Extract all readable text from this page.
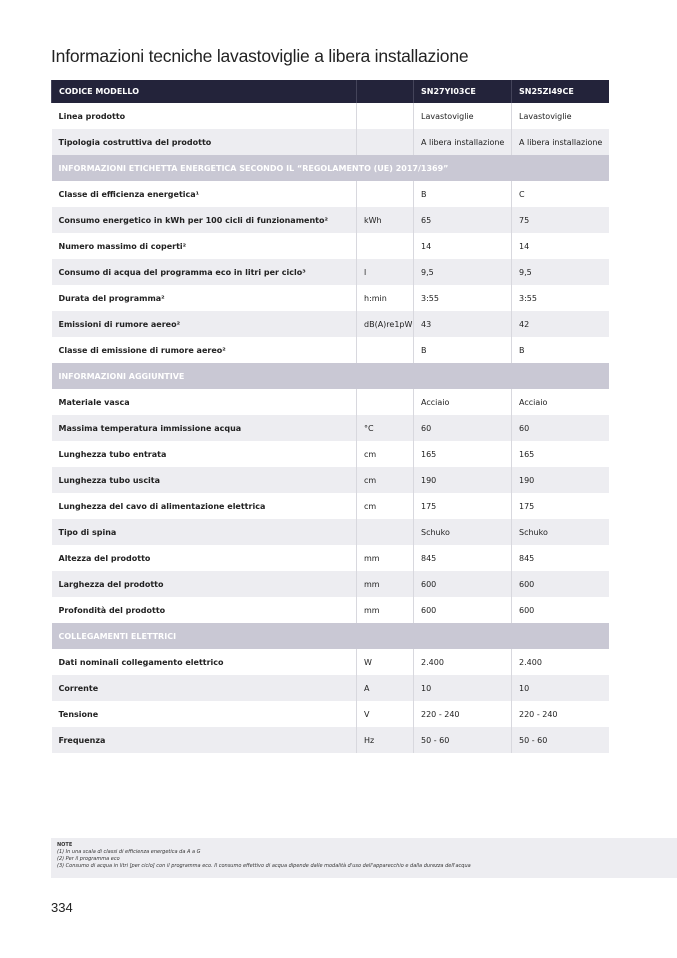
Informazioni tecniche lavastoviglie a libera installazione
CODICE MODELLO		SN27YI03CE	SN25ZI49CE
Linea prodotto		Lavastoviglie	Lavastoviglie
Tipologia costruttiva del prodotto		A libera installazione	A libera installazione
INFORMAZIONI ETICHETTA ENERGETICA SECONDO IL “REGOLAMENTO (UE) 2017/1369”			
Classe di efficienza energetica¹		B	C
Consumo energetico in kWh per 100 cicli di funzionamento²	kWh	65	75
Numero massimo di coperti²		14	14
Consumo di acqua del programma eco in litri per ciclo³	l	9,5	9,5
Durata del programma²	h:min	3:55	3:55
Emissioni di rumore aereo²	dB(A)re1pW	43	42
Classe di emissione di rumore aereo²		B	B
INFORMAZIONI AGGIUNTIVE			
Materiale vasca		Acciaio	Acciaio
Massima temperatura immissione acqua	°C	60	60
Lunghezza tubo entrata	cm	165	165
Lunghezza tubo uscita	cm	190	190
Lunghezza del cavo di alimentazione elettrica	cm	175	175
Tipo di spina		Schuko	Schuko
Altezza del prodotto	mm	845	845
Larghezza del prodotto	mm	600	600
Profondità del prodotto	mm	600	600
COLLEGAMENTI ELETTRICI			
Dati nominali collegamento elettrico	W	2.400	2.400
Corrente	A	10	10
Tensione	V	220 - 240	220 - 240
Frequenza	Hz	50 - 60	50 - 60
NOTE
(1) In una scala di classi di efficienza energetica da A a G
(2) Per il programma eco
(3) Consumo di acqua in litri [per ciclo] con il programma eco. Il consumo effettivo di acqua dipende dalle modalità d'uso dell'apparecchio e dalla durezza dell'acqua
334
